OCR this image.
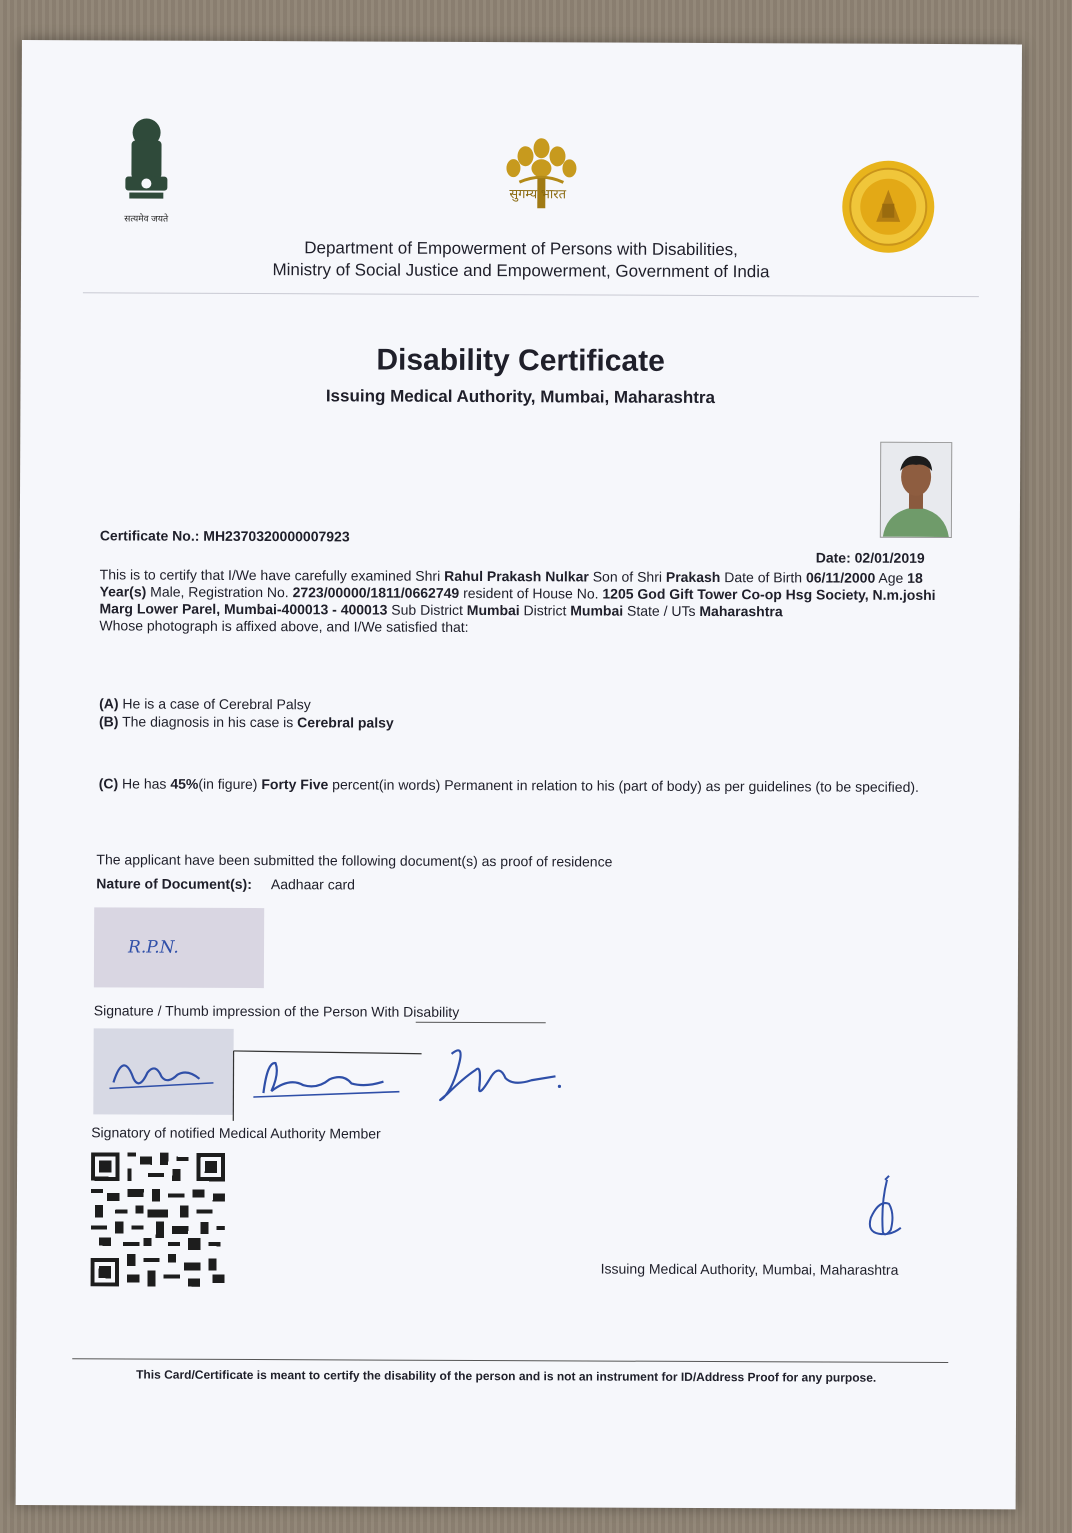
सत्यमेव जयते
सुगम्य भारत
Department of Empowerment of Persons with Disabilities,
Ministry of Social Justice and Empowerment, Government of India
Disability Certificate
Issuing Medical Authority, Mumbai, Maharashtra
Certificate No.: MH2370320000007923
Date: 02/01/2019
This is to certify that I/We have carefully examined Shri Rahul Prakash Nulkar Son of Shri Prakash Date of Birth 06/11/2000 Age 18 Year(s) Male, Registration No. 2723/00000/1811/0662749 resident of House No. 1205 God Gift Tower Co-op Hsg Society, N.m.joshi Marg Lower Parel, Mumbai-400013 - 400013 Sub District Mumbai District Mumbai State / UTs Maharashtra
Whose photograph is affixed above, and I/We satisfied that:
(A) He is a case of Cerebral Palsy
(B) The diagnosis in his case is Cerebral palsy
(C) He has 45%(in figure) Forty Five percent(in words) Permanent in relation to his (part of body) as per guidelines (to be specified).
The applicant have been submitted the following document(s) as proof of residence
Nature of Document(s): Aadhaar card
R.P.N.
Signature / Thumb impression of the Person With Disability
Signatory of notified Medical Authority Member
Issuing Medical Authority, Mumbai, Maharashtra
This Card/Certificate is meant to certify the disability of the person and is not an instrument for ID/Address Proof for any purpose.
